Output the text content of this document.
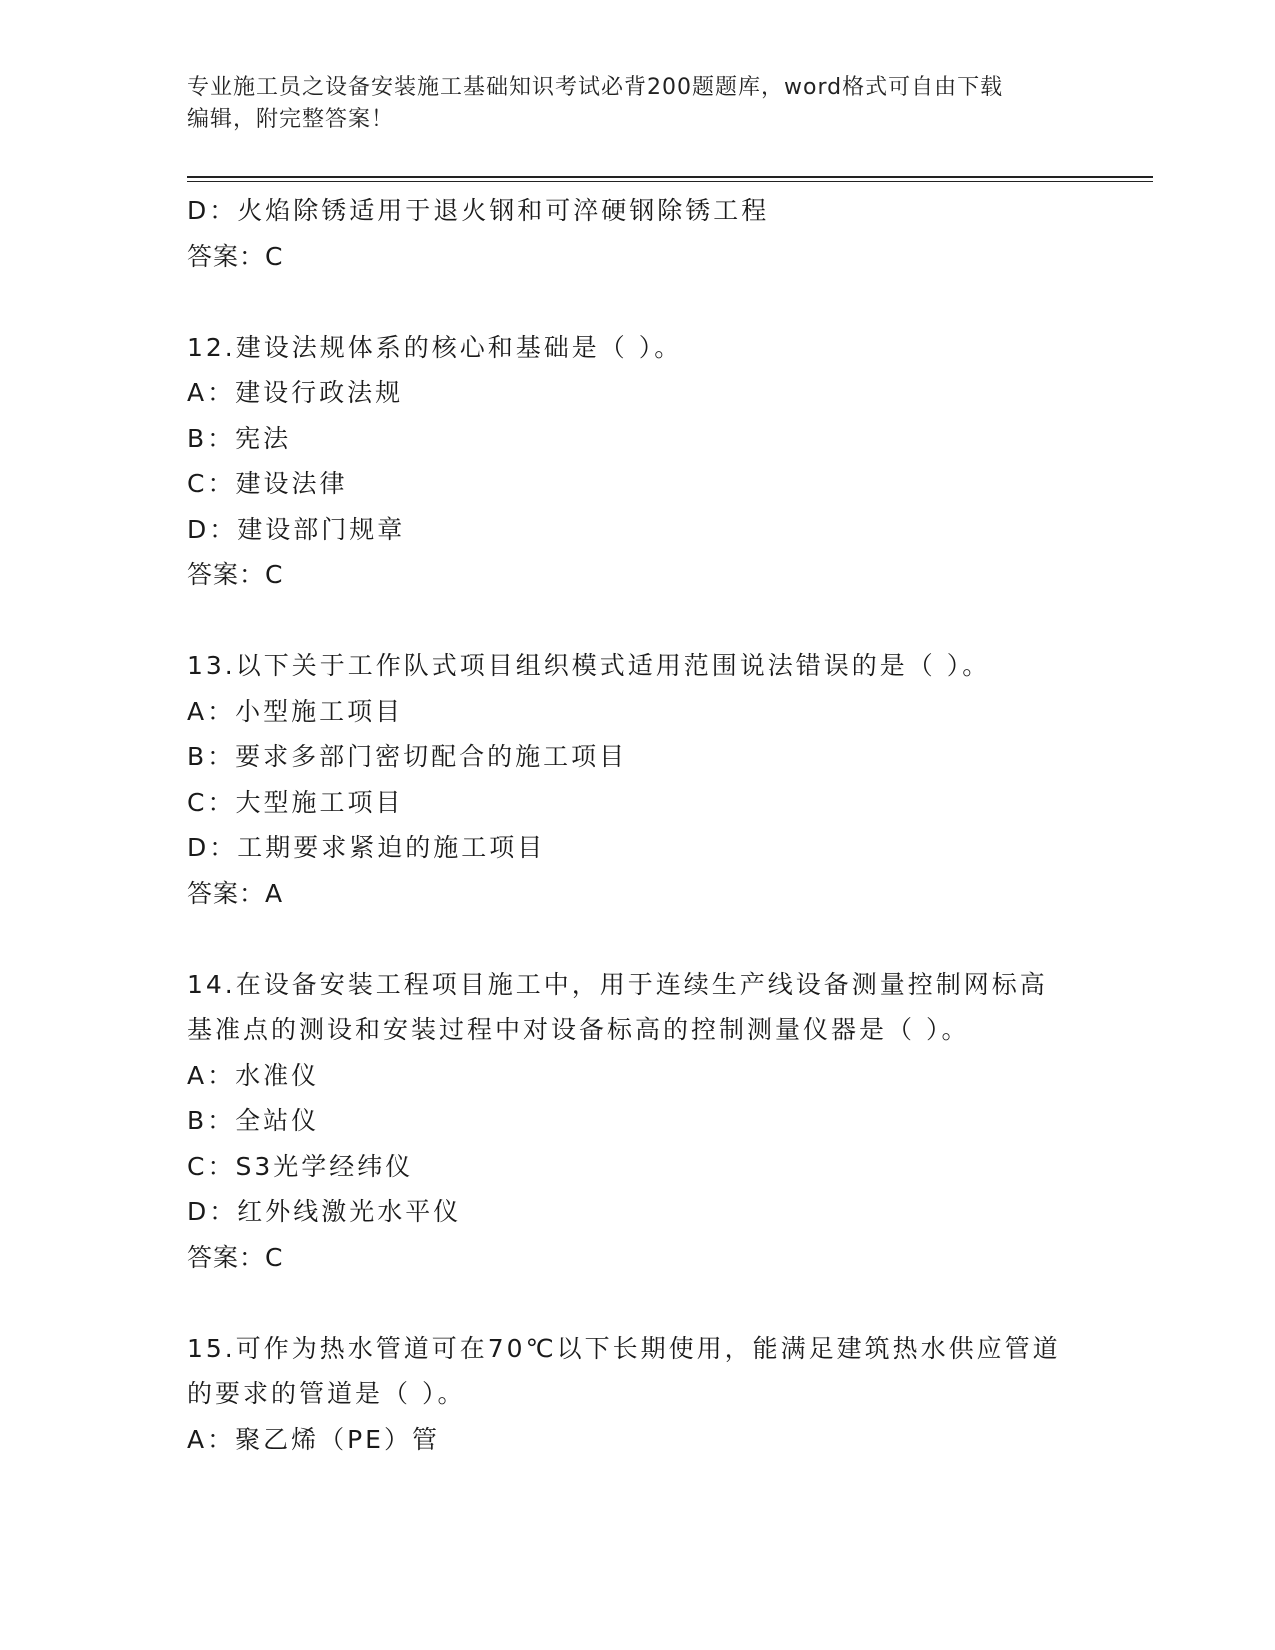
专业施工员之设备安装施工基础知识考试必背200题题库，word格式可自由下载
编辑，附完整答案！
D：火焰除锈适用于退火钢和可淬硬钢除锈工程
答案：C
12.建设法规体系的核心和基础是（ ）。
A：建设行政法规
B：宪法
C：建设法律
D：建设部门规章
答案：C
13.以下关于工作队式项目组织模式适用范围说法错误的是（ ）。
A：小型施工项目
B：要求多部门密切配合的施工项目
C：大型施工项目
D：工期要求紧迫的施工项目
答案：A
14.在设备安装工程项目施工中，用于连续生产线设备测量控制网标高
基准点的测设和安装过程中对设备标高的控制测量仪器是（ ）。
A：水准仪
B：全站仪
C：S3光学经纬仪
D：红外线激光水平仪
答案：C
15.可作为热水管道可在70℃以下长期使用，能满足建筑热水供应管道
的要求的管道是（ ）。
A：聚乙烯（PE）管
